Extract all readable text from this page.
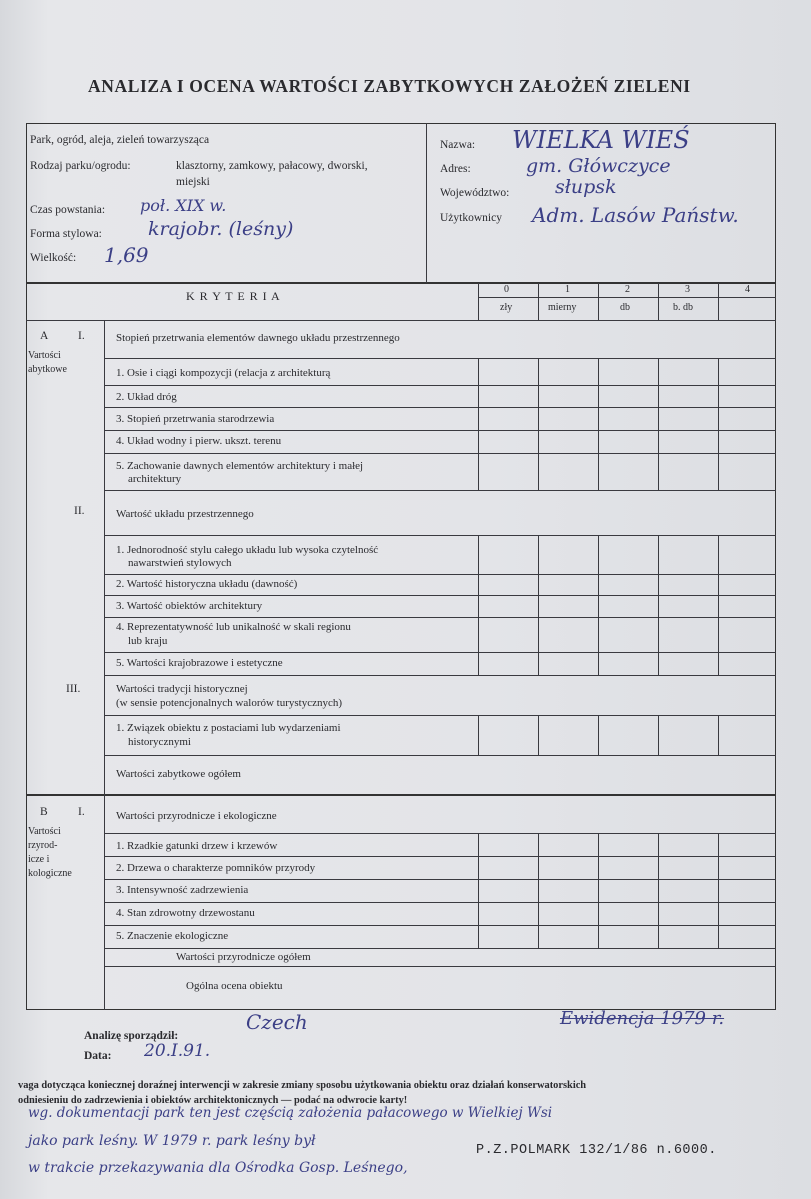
ANALIZA I OCENA WARTOŚCI ZABYTKOWYCH ZAŁOŻEŃ ZIELENI
Park, ogród, aleja, zieleń towarzysząca
Rodzaj parku/ogrodu:	klasztorny, zamkowy, pałacowy, dworski,
miejski
Czas powstania: poł. XIX w.
Forma stylowa: krajobr. (leśny)
Wielkość: 1,69
Nazwa: WIELKA WIEŚ
Adres:	gm. Główczyce
Województwo: słupsk
Użytkownicy Adm. Lasów Państw.
K R Y T E R I A	0	1	2	3	4
zły	mierny	db	b. db
A	I.
Vartości
abytkowe
Stopień przetrwania elementów dawnego układu przestrzennego
1. Osie i ciągi kompozycji (relacja z architekturą
2. Układ dróg
3. Stopień przetrwania starodrzewia
4. Układ wodny i pierw. ukszt. terenu
5. Zachowanie dawnych elementów architektury i małej
architektury
II.	Wartość układu przestrzennego
1. Jednorodność stylu całego układu lub wysoka czytelność
nawarstwień stylowych
2. Wartość historyczna układu (dawność)
3. Wartość obiektów architektury
4. Reprezentatywność lub unikalność w skali regionu
lub kraju
5. Wartości krajobrazowe i estetyczne
III.	Wartości tradycji historycznej
(w sensie potencjonalnych walorów turystycznych)
1. Związek obiektu z postaciami lub wydarzeniami
historycznymi
Wartości zabytkowe ogółem
B	I.
Vartości
rzyrod-
icze i
kologiczne
Wartości przyrodnicze i ekologiczne
1. Rzadkie gatunki drzew i krzewów
2. Drzewa o charakterze pomników przyrody
3. Intensywność zadrzewienia
4. Stan zdrowotny drzewostanu
5. Znaczenie ekologiczne
Wartości przyrodnicze ogółem
Ogólna ocena obiektu
Analizę sporządził:
Czech
Data: 20.I.91.
Ewidencja 1979 r.
vaga dotycząca koniecznej doraźnej interwencji w zakresie zmiany sposobu użytkowania obiektu oraz działań konserwatorskich
odniesieniu do zadrzewienia i obiektów architektonicznych — podać na odwrocie karty!
wg. dokumentacji park ten jest częścią założenia pałacowego w Wielkiej Wsi
jako park leśny. W 1979 r. park leśny był
P.Z.POLMARK 132/1/86 n.6000.
w trakcie przekazywania dla Ośrodka Gosp. Leśnego,
